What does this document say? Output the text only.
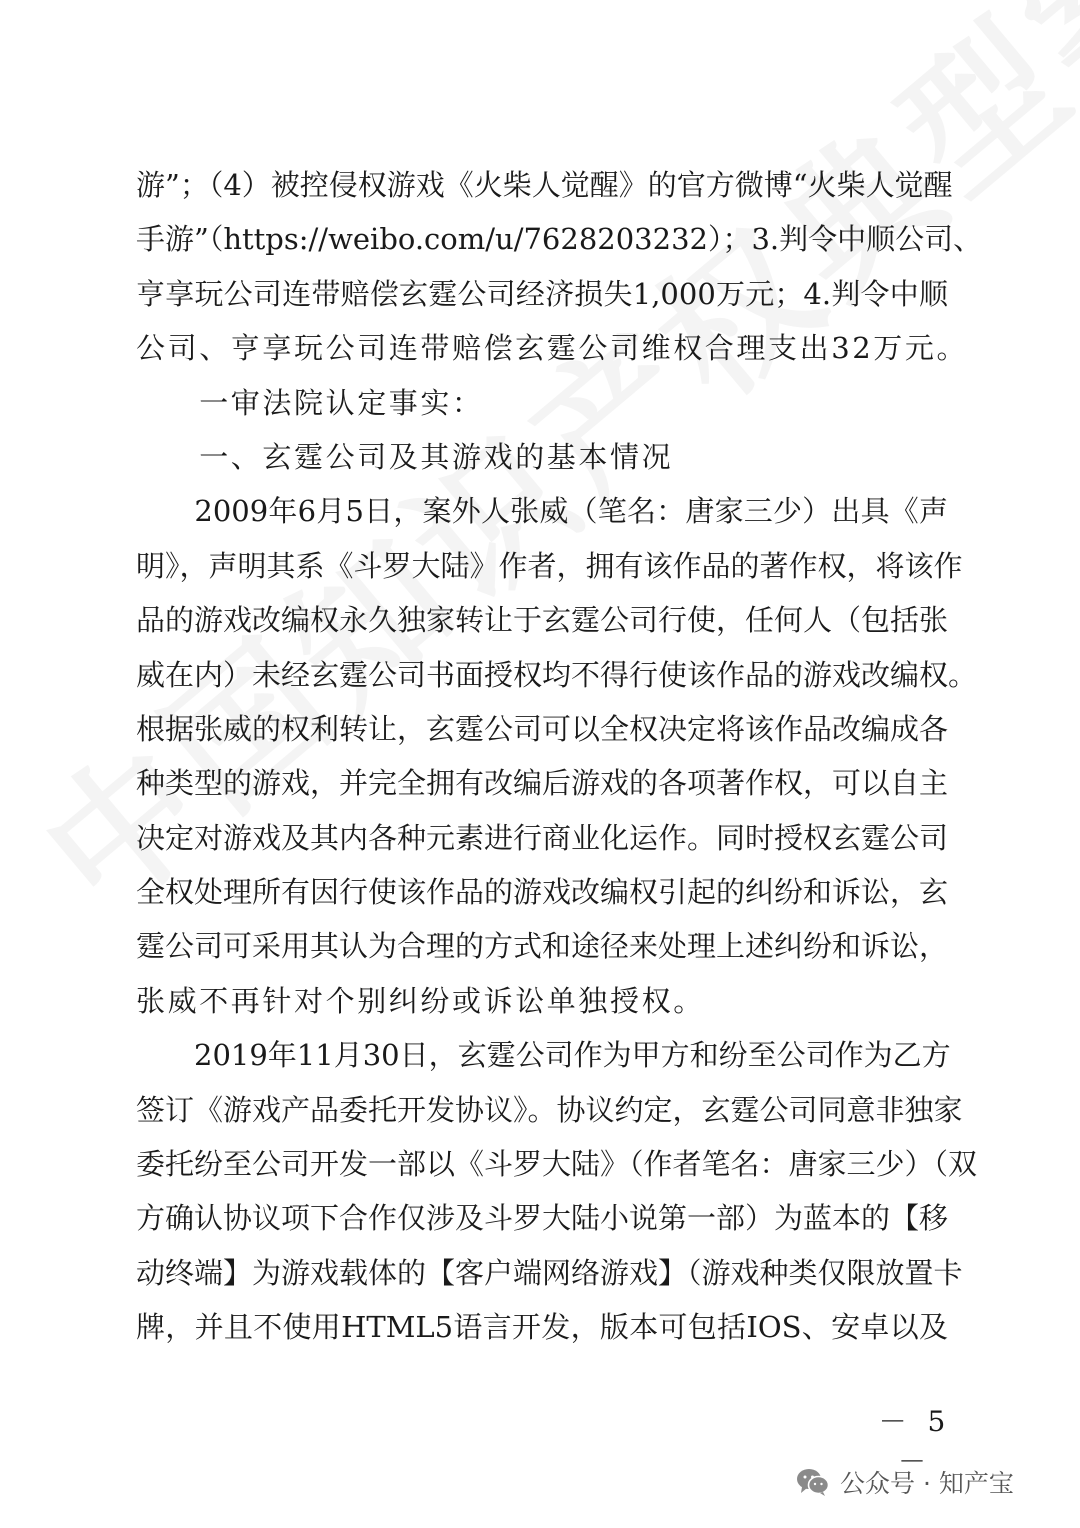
游”；（4）被控侵权游戏《火柴人觉醒》的官方微博“火柴人觉醒
手游”（https://weibo.com/u/7628203232）；3.判令中顺公司、
亨享玩公司连带赔偿玄霆公司经济损失1,000万元；4.判令中顺
公司、亨享玩公司连带赔偿玄霆公司维权合理支出32万元。
　　一审法院认定事实：
　　一、玄霆公司及其游戏的基本情况
　　2009年6月5日，案外人张威（笔名：唐家三少）出具《声
明》，声明其系《斗罗大陆》作者，拥有该作品的著作权，将该作
品的游戏改编权永久独家转让于玄霆公司行使，任何人（包括张
威在内）未经玄霆公司书面授权均不得行使该作品的游戏改编权。
根据张威的权利转让，玄霆公司可以全权决定将该作品改编成各
种类型的游戏，并完全拥有改编后游戏的各项著作权，可以自主
决定对游戏及其内各种元素进行商业化运作。同时授权玄霆公司
全权处理所有因行使该作品的游戏改编权引起的纠纷和诉讼，玄
霆公司可采用其认为合理的方式和途径来处理上述纠纷和诉讼，
张威不再针对个别纠纷或诉讼单独授权。
　　2019年11月30日，玄霆公司作为甲方和纷至公司作为乙方
签订《游戏产品委托开发协议》。协议约定，玄霆公司同意非独家
委托纷至公司开发一部以《斗罗大陆》（作者笔名：唐家三少）（双
方确认协议项下合作仅涉及斗罗大陆小说第一部）为蓝本的【移
动终端】为游戏载体的【客户端网络游戏】（游戏种类仅限放置卡
牌，并且不使用HTML5语言开发，版本可包括IOS、安卓以及
－ 5 －
公众号 · 知产宝
